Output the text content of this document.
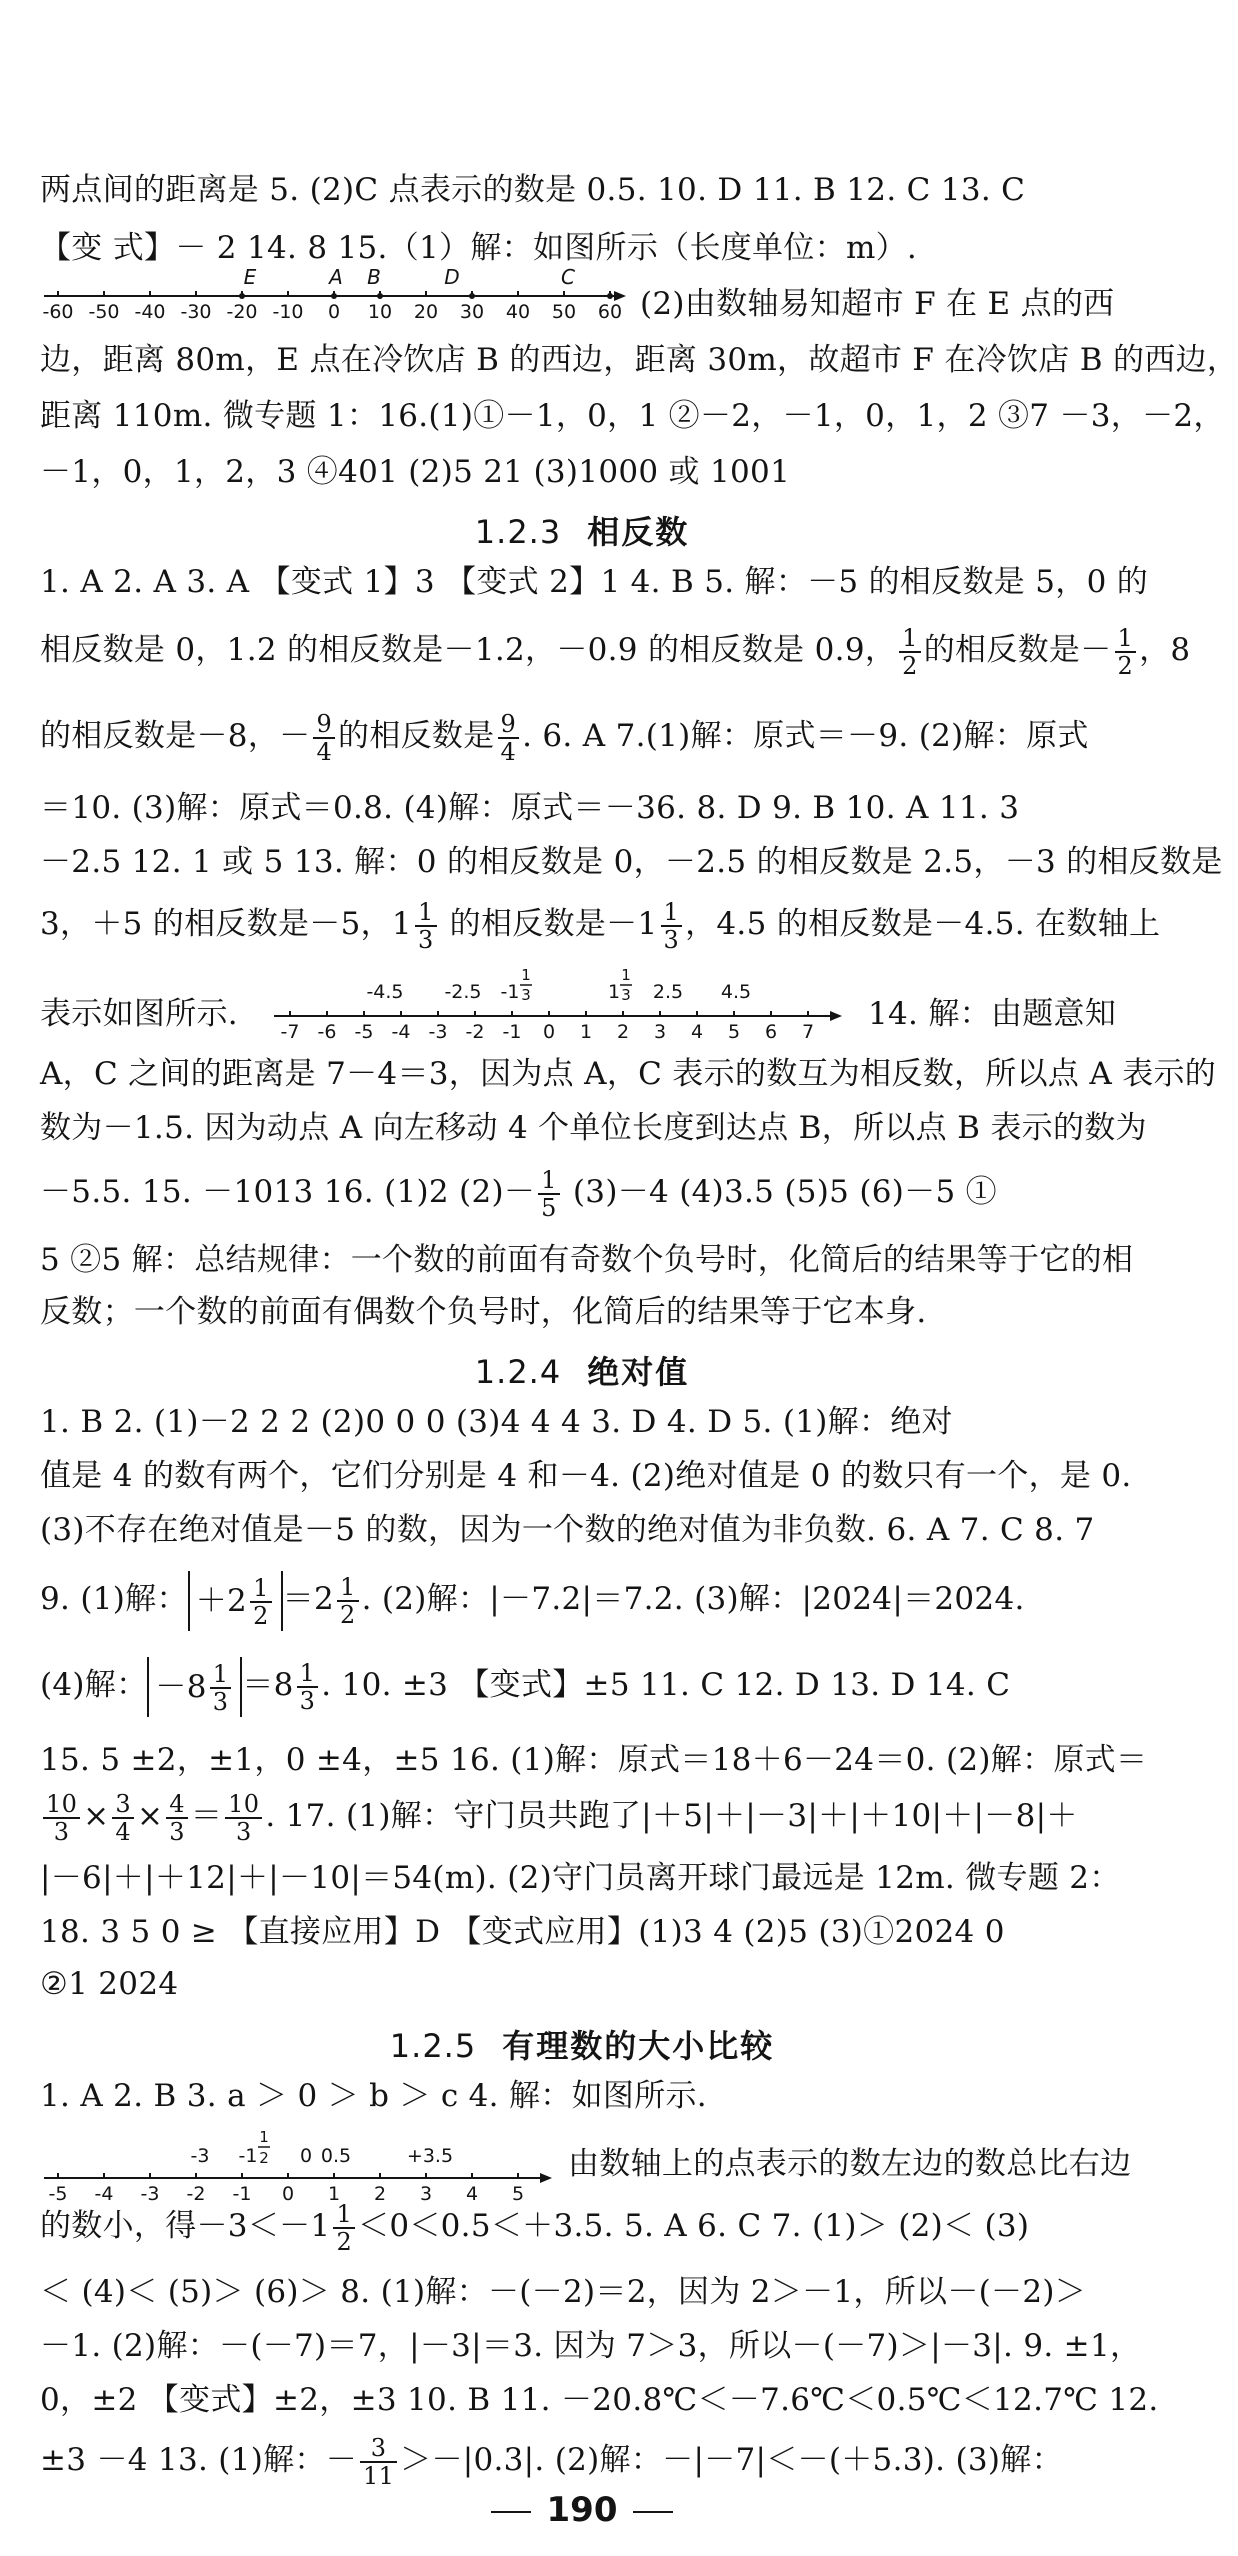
两点间的距离是 5. (2)C 点表示的数是 0.5. 10. D 11. B 12. C 13. C
【变 式】－ 2 14. 8 15.（1）解：如图所示（长度单位：m）.
E	A B	D	C
-60 -50 -40 -30 -20 -10 0 10 20 30 40 50 60 (2)由数轴易知超市 F 在 E 点的西
边，距离 80m，E 点在冷饮店 B 的西边，距离 30m，故超市 F 在冷饮店 B 的西边，
距离 110m. 微专题 1：16.(1)①－1，0，1 ②－2，－1，0，1，2 ③7 －3，－2，
－1，0，1，2，3 ④401 (2)5 21 (3)1000 或 1001
1.2.3 相反数
1. A 2. A 3. A 【变式 1】3 【变式 2】1 4. B 5. 解：－5 的相反数是 5，0 的
相反数是 0，1.2 的相反数是－1.2，－0.9 的相反数是 0.9， $\frac{1}{2}$ 的相反数是－ $\frac{1}{2}$ ，8
的相反数是－8，－ $\frac{9}{4}$ 的相反数是 $\frac{9}{4}$ . 6. A 7.(1)解：原式＝－9. (2)解：原式
＝10. (3)解：原式＝0.8. (4)解：原式＝－36. 8. D 9. B 10. A 11. 3
－2.5 12. 1 或 5 13. 解：0 的相反数是 0，－2.5 的相反数是 2.5，－3 的相反数是
3，＋5 的相反数是－5，$1 \frac{1}{3}$ 的相反数是$-1 \frac{1}{3}$ ，4.5 的相反数是－4.5. 在数轴上
表示如图所示.
-4.5 -2.5 -1
1
3	1
1
3 2.5 4.5
-7 -6 -5 -4 -3 -2 -1 0 1 2 3 4 5 6 7 14. 解：由题意知
A，C 之间的距离是 7－4＝3，因为点 A，C 表示的数互为相反数，所以点 A 表示的
数为－1.5. 因为动点 A 向左移动 4 个单位长度到达点 B，所以点 B 表示的数为
－5.5. 15. －1013 16. (1)2 $(2)- \frac{1}{5} (3)-4$ (4)3.5 (5)5 (6)－5 ①
5 ②5 解：总结规律：一个数的前面有奇数个负号时，化简后的结果等于它的相
反数；一个数的前面有偶数个负号时，化简后的结果等于它本身.
1.2.4 绝对值
1. B 2. (1)－2 2 2 (2)0 0 0 (3)4 4 4 3. D 4. D 5. (1)解：绝对
值是 4 的数有两个，它们分别是 4 和－4. (2)绝对值是 0 的数只有一个，是 0.
(3)不存在绝对值是－5 的数，因为一个数的绝对值为非负数. 6. A 7. C 8. 7
9. (1)解： $+2 \frac{1}{2} =2 \frac{1}{2}$ . (2)解：|－7.2|＝7.2. (3)解：|2024|＝2024.
(4)解： $-8 \frac{1}{3} =8 \frac{1}{3}$ . 10. ±3 【变式】±5 11. C 12. D 13. D 14. C
15. 5 ±2，±1，0 ±4，±5 16. (1)解：原式＝18＋6－24＝0. (2)解：原式＝
$\frac{10}{3} \times \frac{3}{4} \times \frac{4}{3} = \frac{10}{3}$ . 17. (1)解：守门员共跑了|＋5|＋|－3|＋|＋10|＋|－8|＋
|－6|＋|＋12|＋|－10|＝54(m). (2)守门员离开球门最远是 12m. 微专题 2：
18. 3 5 0 ≥ 【直接应用】D 【变式应用】(1)3 4 (2)5 (3)①2024 0
②1 2024
1.2.5 有理数的大小比较
1. A 2. B 3. a ＞ 0 ＞ b ＞ c 4. 解：如图所示.
-3 -1
1
2 0 0.5	+3.5
-5 -4 -3 -2 -1 0 1 2 3 4 5
由数轴上的点表示的数左边的数总比右边
的数小，得$-3<-1 \frac{1}{2} <0<0.5<+3.5$. 5. A 6. C 7. (1)＞ (2)＜ (3)
＜ (4)＜ (5)＞ (6)＞ 8. (1)解：－(－2)＝2，因为 2＞－1，所以－(－2)＞
－1. (2)解：－(－7)＝7，|－3|＝3. 因为 7＞3，所以－(－7)＞|－3|. 9. ±1，
0，±2 【变式】±2，±3 10. B 11. －20.8℃＜－7.6℃＜0.5℃＜12.7℃ 12.
±3 －4 13. (1)解：－ $\frac{3}{11} >-|0.3|$. (2)解：－|－7|＜－(＋5.3). (3)解：
190
